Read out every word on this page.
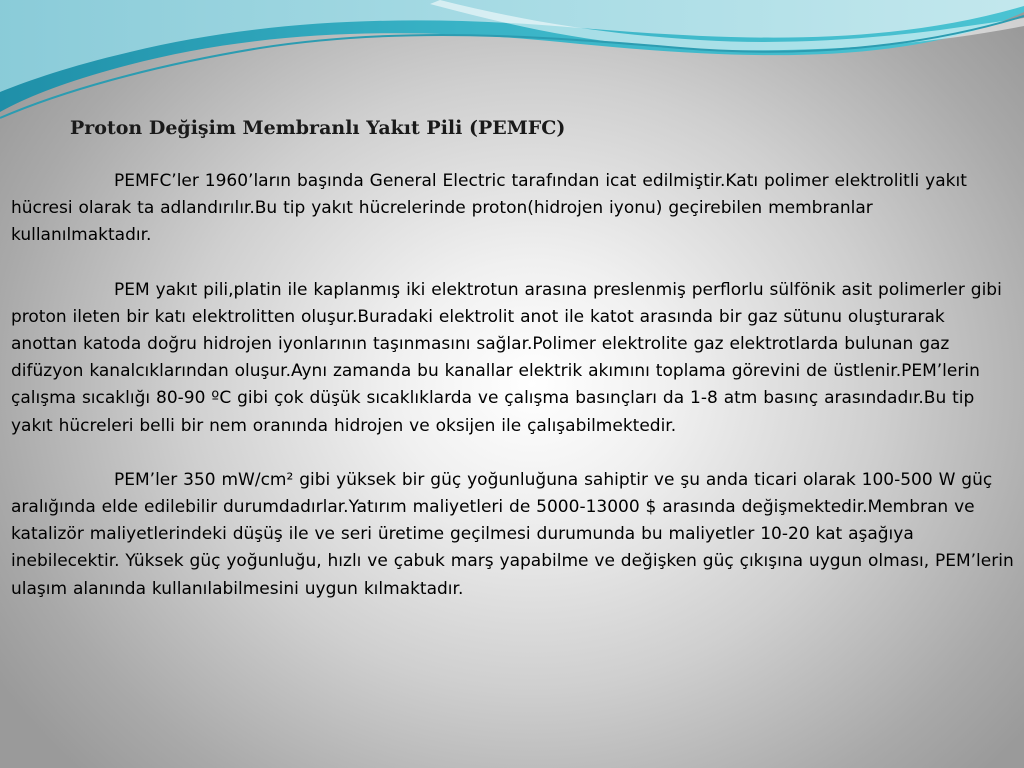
Proton Değişim Membranlı Yakıt Pili (PEMFC)

PEMFC’ler 1960’ların başında General Electric tarafından icat edilmiştir.Katı polimer elektrolitli yakıt hücresi olarak ta adlandırılır.Bu tip yakıt hücrelerinde proton(hidrojen iyonu) geçirebilen membranlar kullanılmaktadır.

PEM yakıt pili,platin ile kaplanmış iki elektrotun arasına preslenmiş perflorlu sülfönik asit polimerler gibi proton ileten bir katı elektrolitten oluşur.Buradaki elektrolit anot ile katot arasında bir gaz sütunu oluşturarak anottan katoda doğru hidrojen iyonlarının taşınmasını sağlar.Polimer elektrolite gaz elektrotlarda bulunan gaz difüzyon kanalcıklarından oluşur.Aynı zamanda bu kanallar elektrik akımını toplama görevini de üstlenir.PEM’lerin çalışma sıcaklığı 80-90 ºC gibi çok düşük sıcaklıklarda ve çalışma basınçları da 1-8 atm basınç arasındadır.Bu tip yakıt hücreleri belli bir nem oranında hidrojen ve oksijen ile çalışabilmektedir.

PEM’ler 350 mW/cm² gibi yüksek bir güç yoğunluğuna sahiptir ve şu anda ticari olarak 100-500 W güç aralığında elde edilebilir durumdadırlar.Yatırım maliyetleri de 5000-13000 $ arasında değişmektedir.Membran ve katalizör maliyetlerindeki düşüş ile ve seri üretime geçilmesi durumunda bu maliyetler 10-20 kat aşağıya inebilecektir. Yüksek güç yoğunluğu, hızlı ve çabuk marş yapabilme ve değişken güç çıkışına uygun olması, PEM’lerin ulaşım alanında kullanılabilmesini uygun kılmaktadır.
